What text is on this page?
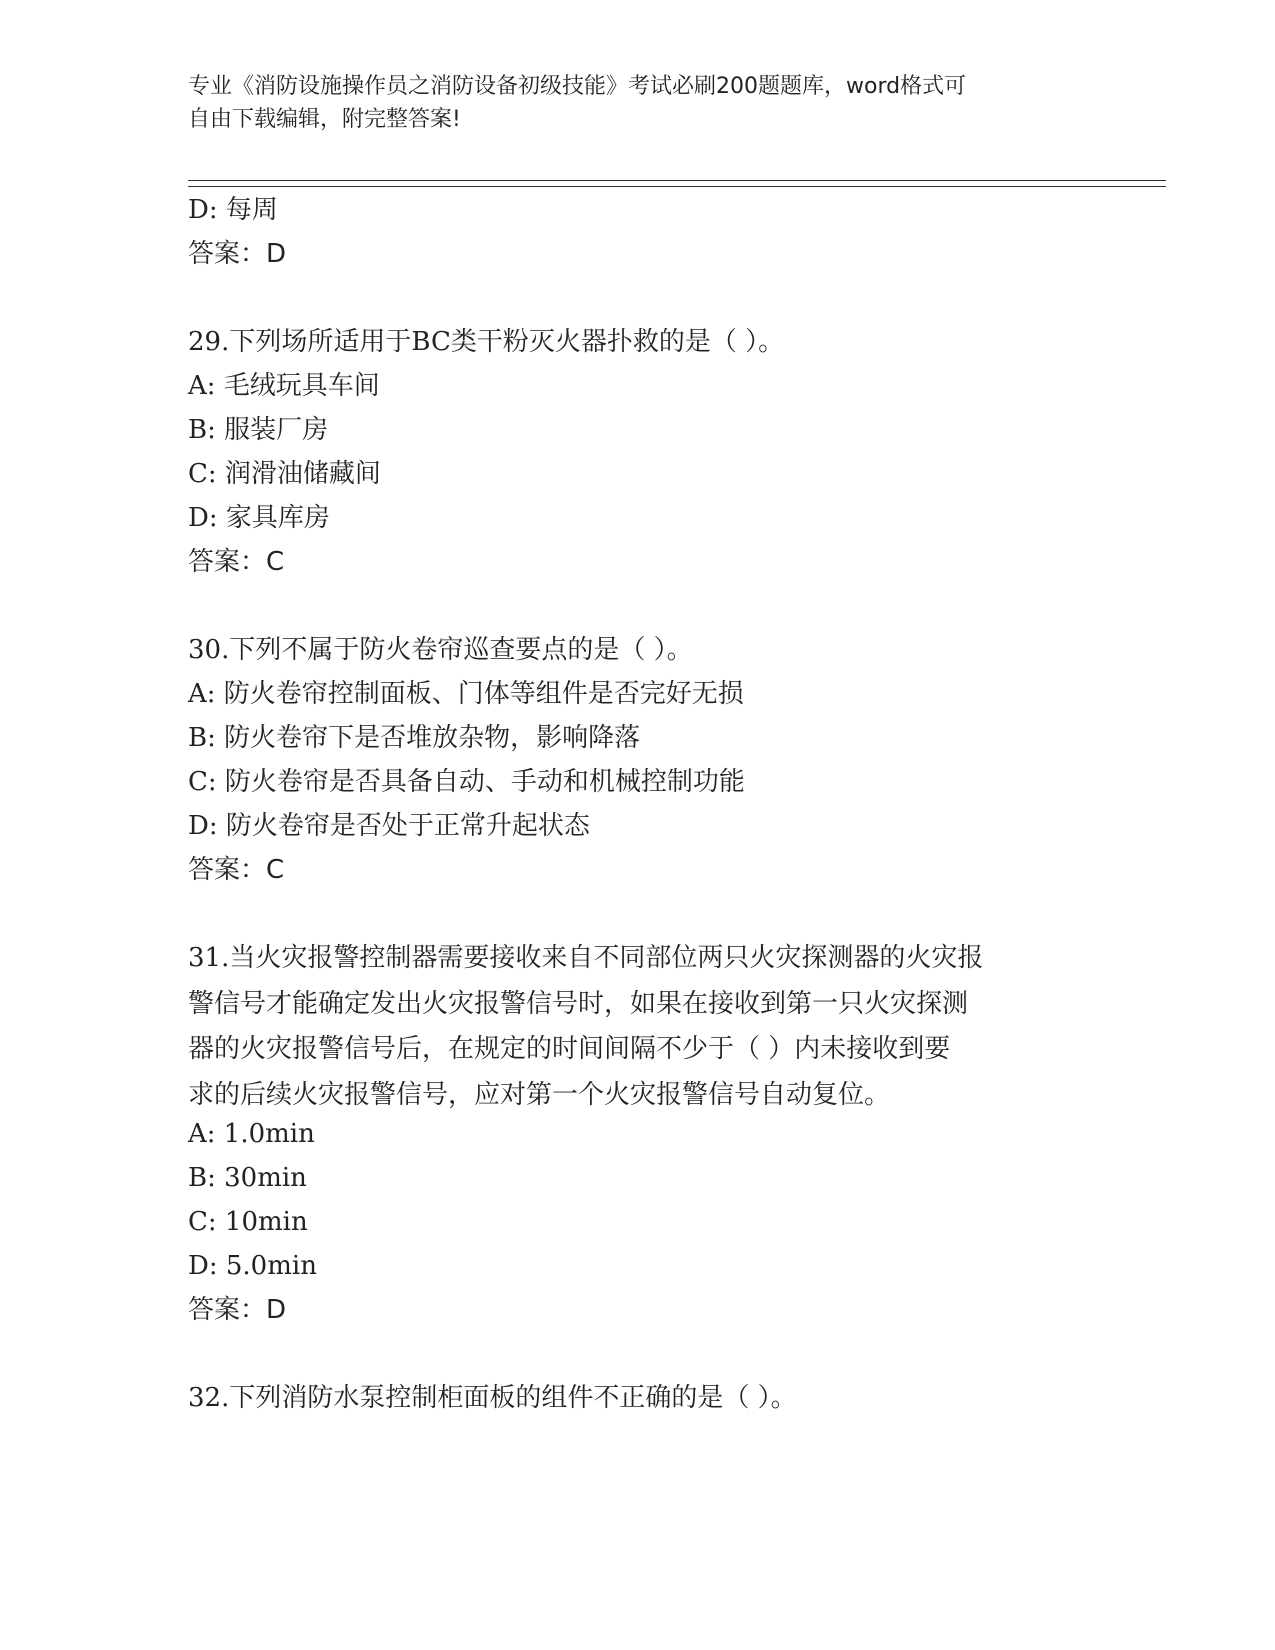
专业《消防设施操作员之消防设备初级技能》考试必刷200题题库，word格式可
自由下载编辑，附完整答案!
D: 每周
答案：D
29.下列场所适用于BC类干粉灭火器扑救的是（ ）。
A: 毛绒玩具车间
B: 服装厂房
C: 润滑油储藏间
D: 家具库房
答案：C
30.下列不属于防火卷帘巡查要点的是（ ）。
A: 防火卷帘控制面板、门体等组件是否完好无损
B: 防火卷帘下是否堆放杂物，影响降落
C: 防火卷帘是否具备自动、手动和机械控制功能
D: 防火卷帘是否处于正常升起状态
答案：C
31.当火灾报警控制器需要接收来自不同部位两只火灾探测器的火灾报
警信号才能确定发出火灾报警信号时，如果在接收到第一只火灾探测
器的火灾报警信号后，在规定的时间间隔不少于（ ）内未接收到要
求的后续火灾报警信号，应对第一个火灾报警信号自动复位。
A: 1.0min
B: 30min
C: 10min
D: 5.0min
答案：D
32.下列消防水泵控制柜面板的组件不正确的是（ ）。
